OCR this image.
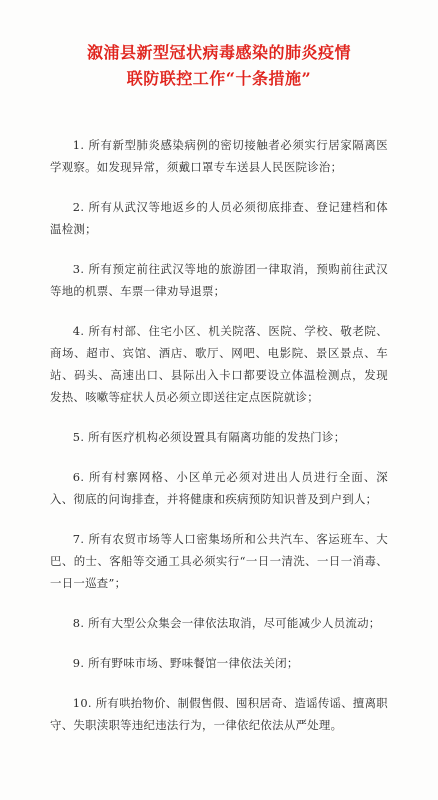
溆浦县新型冠状病毒感染的肺炎疫情
联防联控工作“十条措施”

1. 所有新型肺炎感染病例的密切接触者必须实行居家隔离医学观察。如发现异常，须戴口罩专车送县人民医院诊治；

2. 所有从武汉等地返乡的人员必须彻底排查、登记建档和体温检测；

3. 所有预定前往武汉等地的旅游团一律取消，预购前往武汉等地的机票、车票一律劝导退票；

4. 所有村部、住宅小区、机关院落、医院、学校、敬老院、商场、超市、宾馆、酒店、歌厅、网吧、电影院、景区景点、车站、码头、高速出口、县际出入卡口都要设立体温检测点，发现发热、咳嗽等症状人员必须立即送往定点医院就诊；

5. 所有医疗机构必须设置具有隔离功能的发热门诊；

6. 所有村寨网格、小区单元必须对进出人员进行全面、深入、彻底的问询排查，并将健康和疾病预防知识普及到户到人；

7. 所有农贸市场等人口密集场所和公共汽车、客运班车、大巴、的士、客船等交通工具必须实行“一日一清洗、一日一消毒、一日一巡查”；

8. 所有大型公众集会一律依法取消，尽可能减少人员流动；

9. 所有野味市场、野味餐馆一律依法关闭；

10. 所有哄抬物价、制假售假、囤积居奇、造谣传谣、擅离职守、失职渎职等违纪违法行为，一律依纪依法从严处理。
